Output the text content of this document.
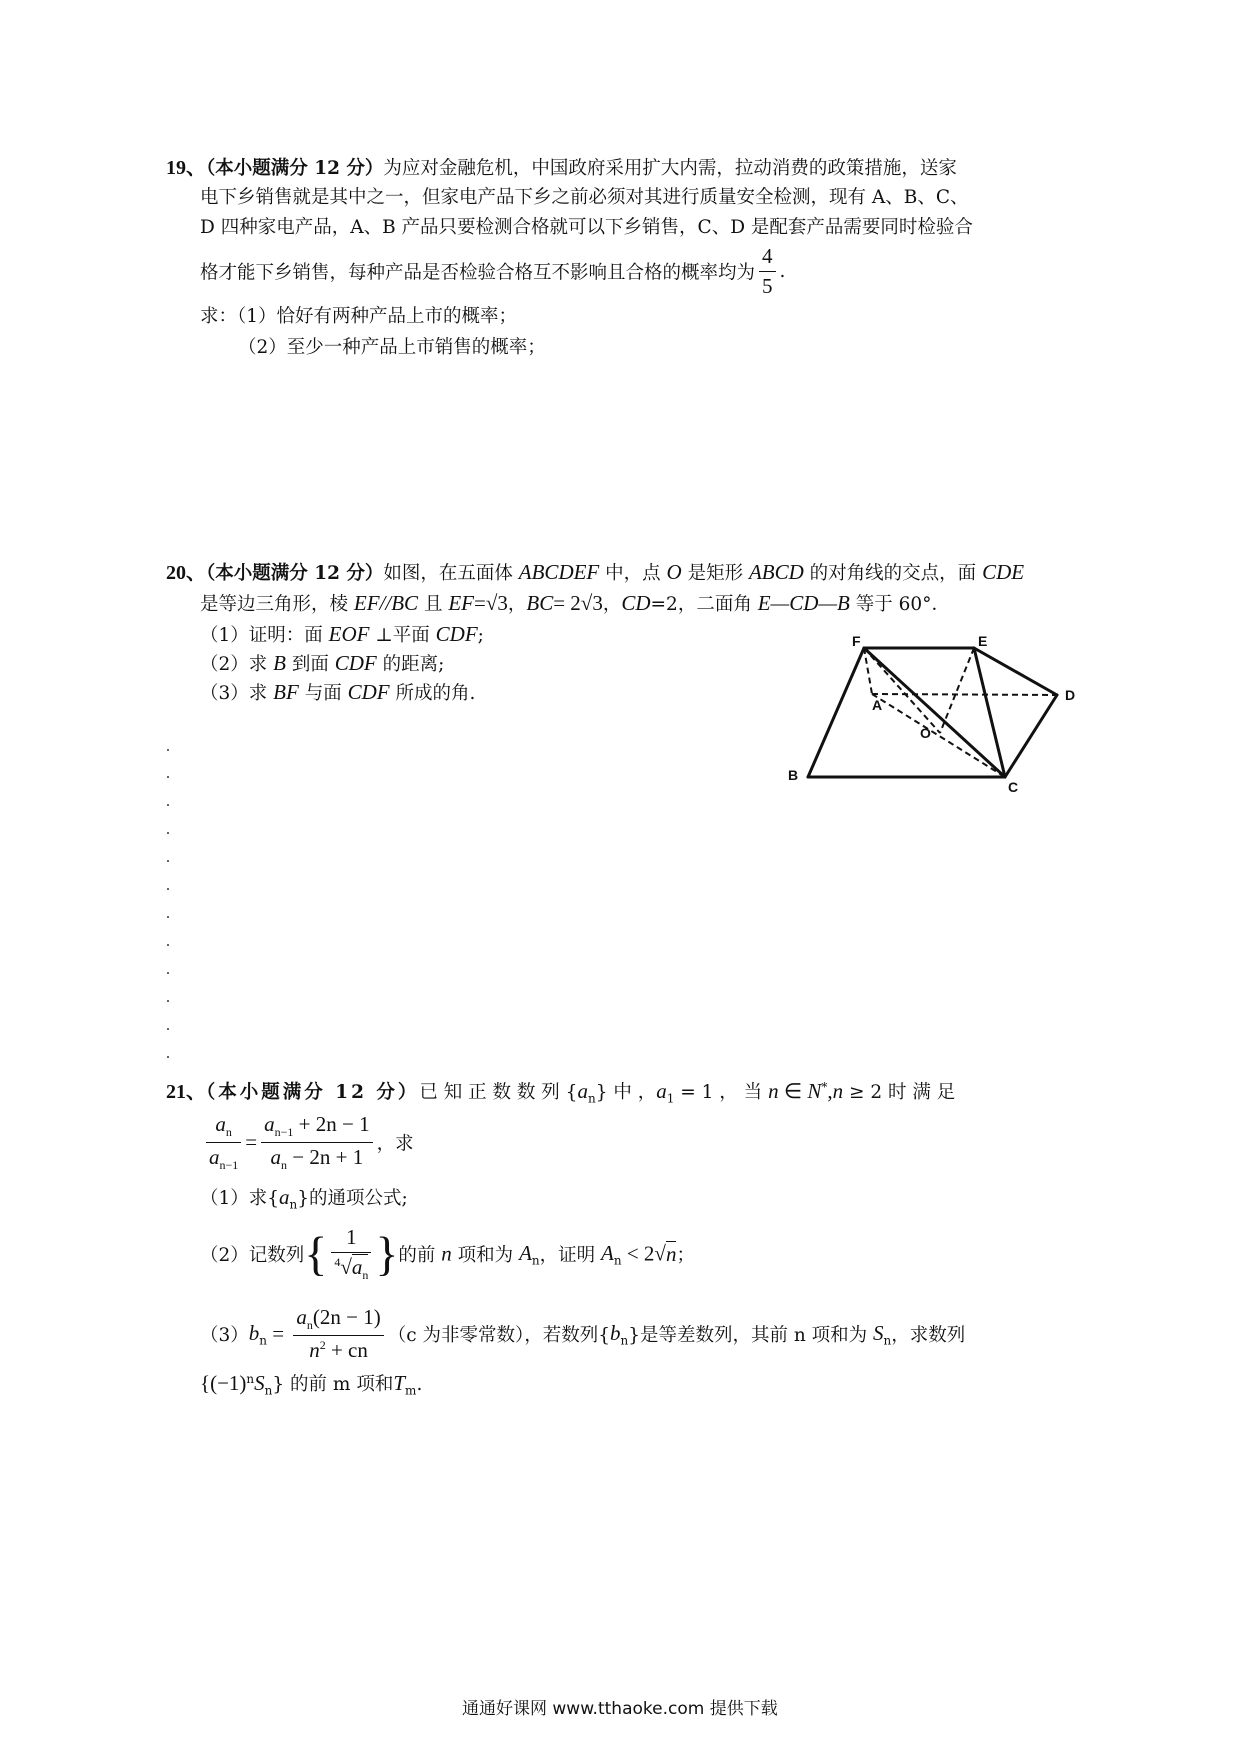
19、（本小题满分 12 分）为应对金融危机，中国政府采用扩大内需，拉动消费的政策措施，送家
电下乡销售就是其中之一，但家电产品下乡之前必须对其进行质量安全检测，现有 A、B、C、
D 四种家电产品，A、B 产品只要检测合格就可以下乡销售，C、D 是配套产品需要同时检验合
格才能下乡销售，每种产品是否检验合格互不影响且合格的概率均为 $\frac{4}{5}$ .
求：（1）恰好有两种产品上市的概率；
（2）至少一种产品上市销售的概率；
20、（本小题满分 12 分）如图，在五面体 ABCDEF 中，点 O 是矩形 ABCD 的对角线的交点，面 CDE
是等边三角形，棱 EF//BC 且 EF=√3，BC= 2√3，CD=2，二面角 E—CD—B 等于 60°．
（1）证明：面 EOF ⊥平面 CDF;
（2）求 B 到面 CDF 的距离;
（3）求 BF 与面 CDF 所成的角.
F	E
A
D
O
B
C
21、（本小题满分 12 分）已 知 正 数 数 列 $\{a_n\}$ 中 ，$a_1 = 1$ ， 当 n ∈ N*,n ≥ 2 时 满 足
$\frac{a_n}{a_{n-1}} = \frac{a_{n-1} + 2n - 1}{a_n - 2n + 1}$ ，求
（1）求$\{a_n\}$的通项公式;
（2）记数列{ $\frac{1}{^4√a_n}$ }的前 n 项和为 $A_n$，证明 $A_n < 2√n$；
$(3)b_n = \frac{a_n(2n - 1)}{n^2 + cn} (c$ 为非零常数），若数列$\{b_n\}$是等差数列，其前 n 项和为 $S_n$，求数列
$\{(-1)^nS_n\}$ 的前 m 项和$T_m$.
通通好课网 www.tthaoke.com 提供下载
